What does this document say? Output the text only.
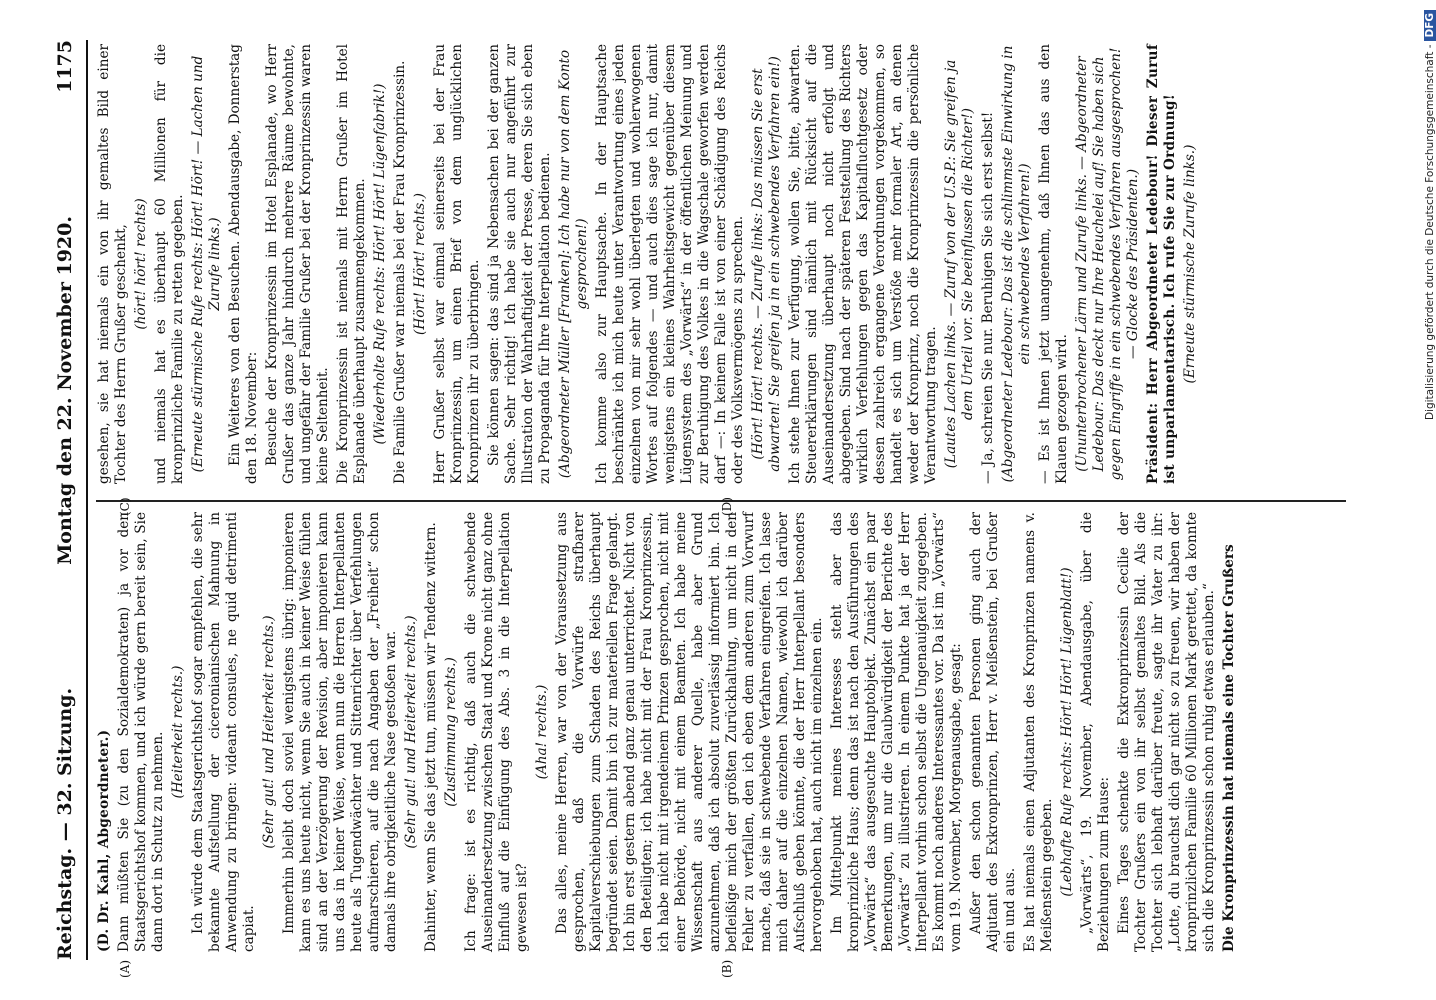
Reichstag. — 32. Sitzung.
Montag den 22. November 1920.
1175
(A)	(B)
(C)	(D)

(D. Dr. Kahl, Abgeordneter.) Dann müßten Sie (zu den Sozialdemokraten) ja vor den Staatsgerichtshof kommen, und ich würde gern bereit sein, Sie dann dort in Schutz zu nehmen. (Heiterkeit rechts.) Ich würde dem Staatsgerichtshof sogar empfehlen, die sehr bekannte Aufstellung der ciceronianischen Mahnung in Anwendung zu bringen: videant consules, ne quid detrimenti capiat.

(Sehr gut! und Heiterkeit rechts.) Immerhin bleibt doch soviel wenigstens übrig: imponieren kann es uns heute nicht, wenn Sie auch in keiner Weise fühlen sind an der Verzögerung der Revision, aber imponieren kann uns das in keiner Weise, wenn nun die Herren Interpellanten heute als Tugendwächter und Sittenrichter über Verfehlungen aufmarschieren, auf die nach Angaben der „Freiheit“ schon damals ihre obrigkeitliche Nase gestoßen war. (Sehr gut! und Heiterkeit rechts.) Dahinter, wenn Sie das jetzt tun, müssen wir Tendenz wittern. (Zustimmung rechts.) Ich frage: ist es richtig, daß auch die schwebende Auseinandersetzung zwischen Staat und Krone nicht ganz ohne Einfluß auf die Einfügung des Abs. 3 in die Interpellation gewesen ist?

(Aha! rechts.) Das alles, meine Herren, war von der Voraussetzung aus gesprochen, daß die Vorwürfe strafbarer Kapitalverschiebungen zum Schaden des Reichs überhaupt begründet seien. Damit bin ich zur materiellen Frage gelangt. Ich bin erst gestern abend ganz genau unterrichtet. Nicht von den Beteiligten; ich habe nicht mit der Frau Kronprinzessin, ich habe nicht mit irgendeinem Prinzen gesprochen, nicht mit einer Behörde, nicht mit einem Beamten. Ich habe meine Wissenschaft aus anderer Quelle, habe aber Grund anzunehmen, daß ich absolut zuverlässig informiert bin. Ich befleißige mich der größten Zurückhaltung, um nicht in den Fehler zu verfallen, den ich eben dem anderen zum Vorwurf mache, daß sie in schwebende Verfahren eingreifen. Ich lasse mich daher auf die einzelnen Namen, wiewohl ich darüber Aufschluß geben könnte, die der Herr Interpellant besonders hervorgehoben hat, auch nicht im einzelnen ein. Im Mittelpunkt meines Interesses steht aber das kronprinzliche Haus; denn das ist nach den Ausführungen des „Vorwärts“ das ausgesuchte Hauptobjekt. Zunächst ein paar Bemerkungen, um nur die Glaubwürdigkeit der Berichte des „Vorwärts“ zu illustrieren. In einem Punkte hat ja der Herr Interpellant vorhin schon selbst die Ungenauigkeit zugegeben. Es kommt noch anderes Interessantes vor. Da ist im „Vorwärts“ vom 19. November, Morgenausgabe, gesagt: Außer den schon genannten Personen ging auch der Adjutant des Exkronprinzen, Herr v. Meißenstein, bei Grußer ein und aus. Es hat niemals einen Adjutanten des Kronprinzen namens v. Meißenstein gegeben. (Lebhafte Rufe rechts: Hört! Hört! Lügenblatt!) „Vorwärts“, 19. November, Abendausgabe, über die Beziehungen zum Hause: Eines Tages schenkte die Exkronprinzessin Cecilie der Tochter Grußers ein von ihr selbst gemaltes Bild. Als die Tochter sich lebhaft darüber freute, sagte ihr Vater zu ihr: „Lotte, du brauchst dich gar nicht so zu freuen, wir haben der kronprinzlichen Familie 60 Millionen Mark gerettet, da konnte sich die Kronprinzessin schon ruhig etwas erlauben.“ Die Kronprinzessin hat niemals eine Tochter Grußers

gesehen, sie hat niemals ein von ihr gemaltes Bild einer Tochter des Herrn Grußer geschenkt, (hört! hört! rechts) und niemals hat es überhaupt 60 Millionen für die kronprinzliche Familie zu retten gegeben. (Erneute stürmische Rufe rechts: Hört! Hört! — Lachen und Zurufe links.) Ein Weiteres von den Besuchen. Abendausgabe, Donnerstag den 18. November: Besuche der Kronprinzessin im Hotel Esplanade, wo Herr Grußer das ganze Jahr hindurch mehrere Räume bewohnte, und ungefähr der Familie Grußer bei der Kronprinzessin waren keine Seltenheit. Die Kronprinzessin ist niemals mit Herrn Grußer im Hotel Esplanade überhaupt zusammengekommen. (Wiederholte Rufe rechts: Hört! Hört! Lügenfabrik!) Die Familie Grußer war niemals bei der Frau Kronprinzessin. (Hört! Hört! rechts.) Herr Grußer selbst war einmal seinerseits bei der Frau Kronprinzessin, um einen Brief von dem unglücklichen Kronprinzen ihr zu überbringen. Sie können sagen: das sind ja Nebensachen bei der ganzen Sache. Sehr richtig! Ich habe sie auch nur angeführt zur Illustration der Wahrhaftigkeit der Presse, deren Sie sich eben zu Propaganda für Ihre Interpellation bedienen. (Abgeordneter Müller [Franken]: Ich habe nur von dem Konto gesprochen!) Ich komme also zur Hauptsache. In der Hauptsache beschränkte ich mich heute unter Verantwortung eines jeden einzelnen von mir sehr wohl überlegten und wohlerwogenen Wortes auf folgendes — und auch dies sage ich nur, damit wenigstens ein kleines Wahrheitsgewicht gegenüber diesem Lügensystem des „Vorwärts“ in der öffentlichen Meinung und zur Beruhigung des Volkes in die Wagschale geworfen werden darf —: In keinem Falle ist von einer Schädigung des Reichs oder des Volksvermögens zu sprechen. (Hört! Hört! rechts. — Zurufe links: Das müssen Sie erst abwarten! Sie greifen ja in ein schwebendes Verfahren ein!) Ich stehe Ihnen zur Verfügung, wollen Sie, bitte, abwarten. Steuererklärungen sind nämlich mit Rücksicht auf die Auseinandersetzung überhaupt noch nicht erfolgt und abgegeben. Sind nach der späteren Feststellung des Richters wirklich Verfehlungen gegen das Kapitalfluchtgesetz oder dessen zahlreich ergangene Verordnungen vorgekommen, so handelt es sich um Verstöße mehr formaler Art, an denen weder der Kronprinz, noch die Kronprinzessin die persönliche Verantwortung tragen. (Lautes Lachen links. — Zuruf von der U.S.P.: Sie greifen ja dem Urteil vor. Sie beeinflussen die Richter!) — Ja, schreien Sie nur. Beruhigen Sie sich erst selbst! (Abgeordneter Ledebour: Das ist die schlimmste Einwirkung in ein schwebendes Verfahren!) — Es ist Ihnen jetzt unangenehm, daß Ihnen das aus den Klauen gezogen wird. (Ununterbrochener Lärm und Zurufe links. — Abgeordneter Ledebour: Das deckt nur Ihre Heuchelei auf! Sie haben sich gegen Eingriffe in ein schwebendes Verfahren ausgesprochen! — Glocke des Präsidenten.) Präsident: Herr Abgeordneter Ledebour! Dieser Zuruf ist unparlamentarisch. Ich rufe Sie zur Ordnung! (Erneute stürmische Zurufe links.)	Digitalisierung gefördert durch die Deutsche Forschungsgemeinschaft -DFG
